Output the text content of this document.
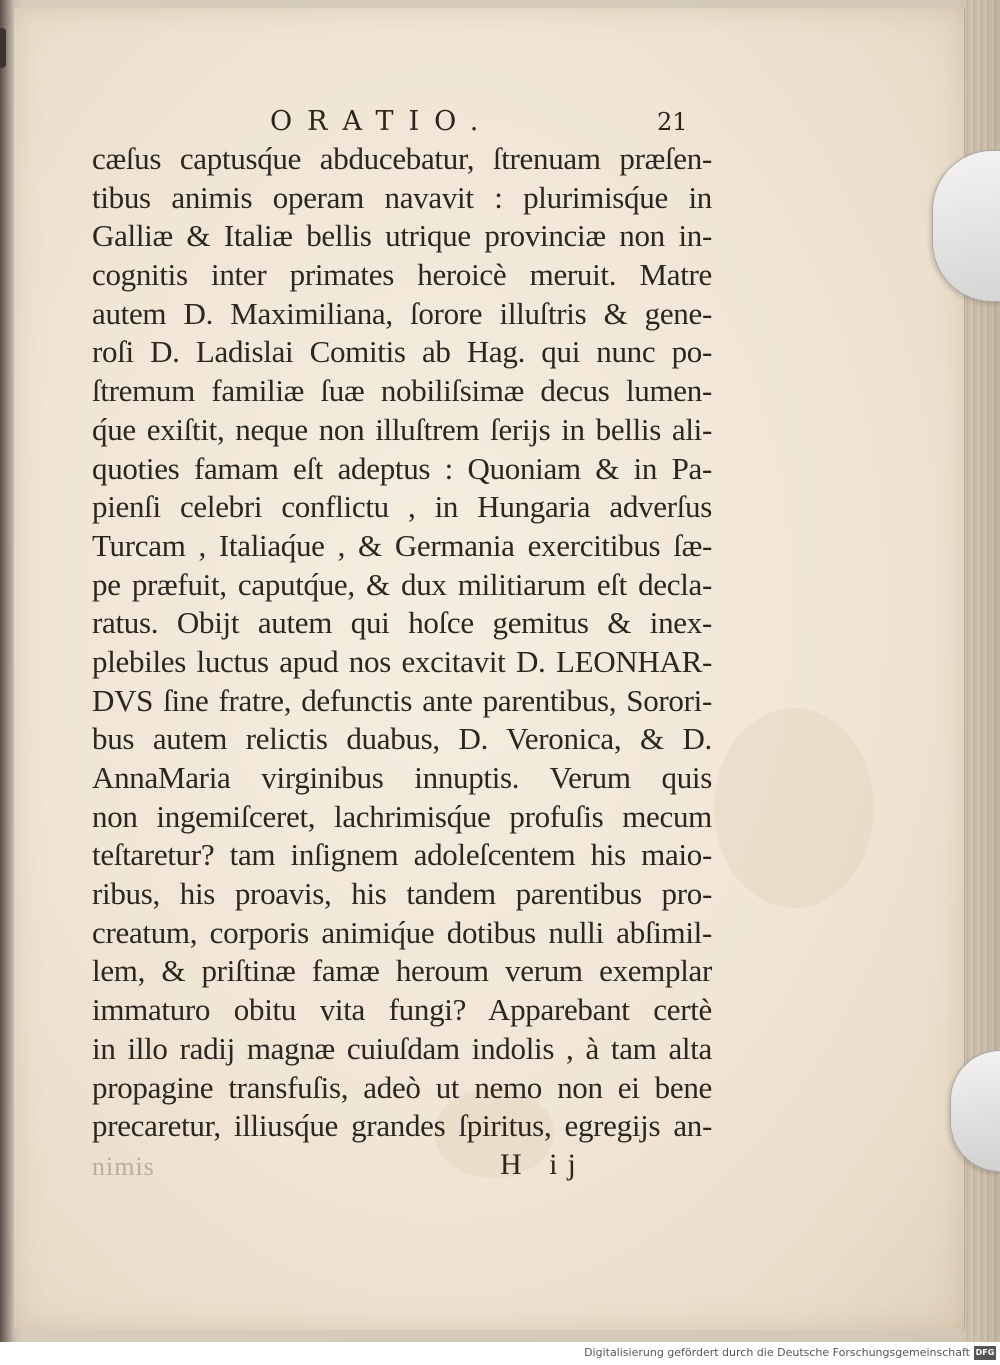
ORATIO.	21
cæſus captusq́ue abducebatur, ſtrenuam præſen-
tibus animis operam navavit : plurimisq́ue in
Galliæ & Italiæ bellis utrique provinciæ non in-
cognitis inter primates heroicè meruit. Matre
autem D. Maximiliana, ſorore illuſtris & gene-
roſi D. Ladislai Comitis ab Hag. qui nunc po-
ſtremum familiæ ſuæ nobiliſsimæ decus lumen-
q́ue exiſtit, neque non illuſtrem ſeriјs in bellis ali-
quoties famam eſt adeptus : Quoniam & in Pa-
pienſi celebri conflictu , in Hungaria adverſus
Turcam , Italiaq́ue , & Germania exercitibus ſæ-
pe præfuit, caputq́ue, & dux militiarum eſt decla-
ratus. Obiјt autem qui hoſce gemitus & inex-
plebiles luctus apud nos excitavit D. LEONHAR-
DVS ſine fratre, defunctis ante parentibus, Sorori-
bus autem relictis duabus, D. Veronica, & D.
AnnaMaria virginibus innuptis. Verum quis
non ingemiſceret, lachrimisq́ue profuſis mecum
teſtaretur? tam inſignem adoleſcentem his maio-
ribus, his proavis, his tandem parentibus pro-
creatum, corporis animiq́ue dotibus nulli abſimil-
lem, & priſtinæ famæ heroum verum exemplar
immaturo obitu vita fungi? Apparebant certè
in illo radiј magnæ cuiuſdam indolis , à tam alta
propagine transfuſis, adeò ut nemo non ei bene
precaretur, illiusq́ue grandes ſpiritus, egregiјs an-
nimis	H ij
Digitalisierung gefördert durch die Deutsche Forschungsgemeinschaft DFG
